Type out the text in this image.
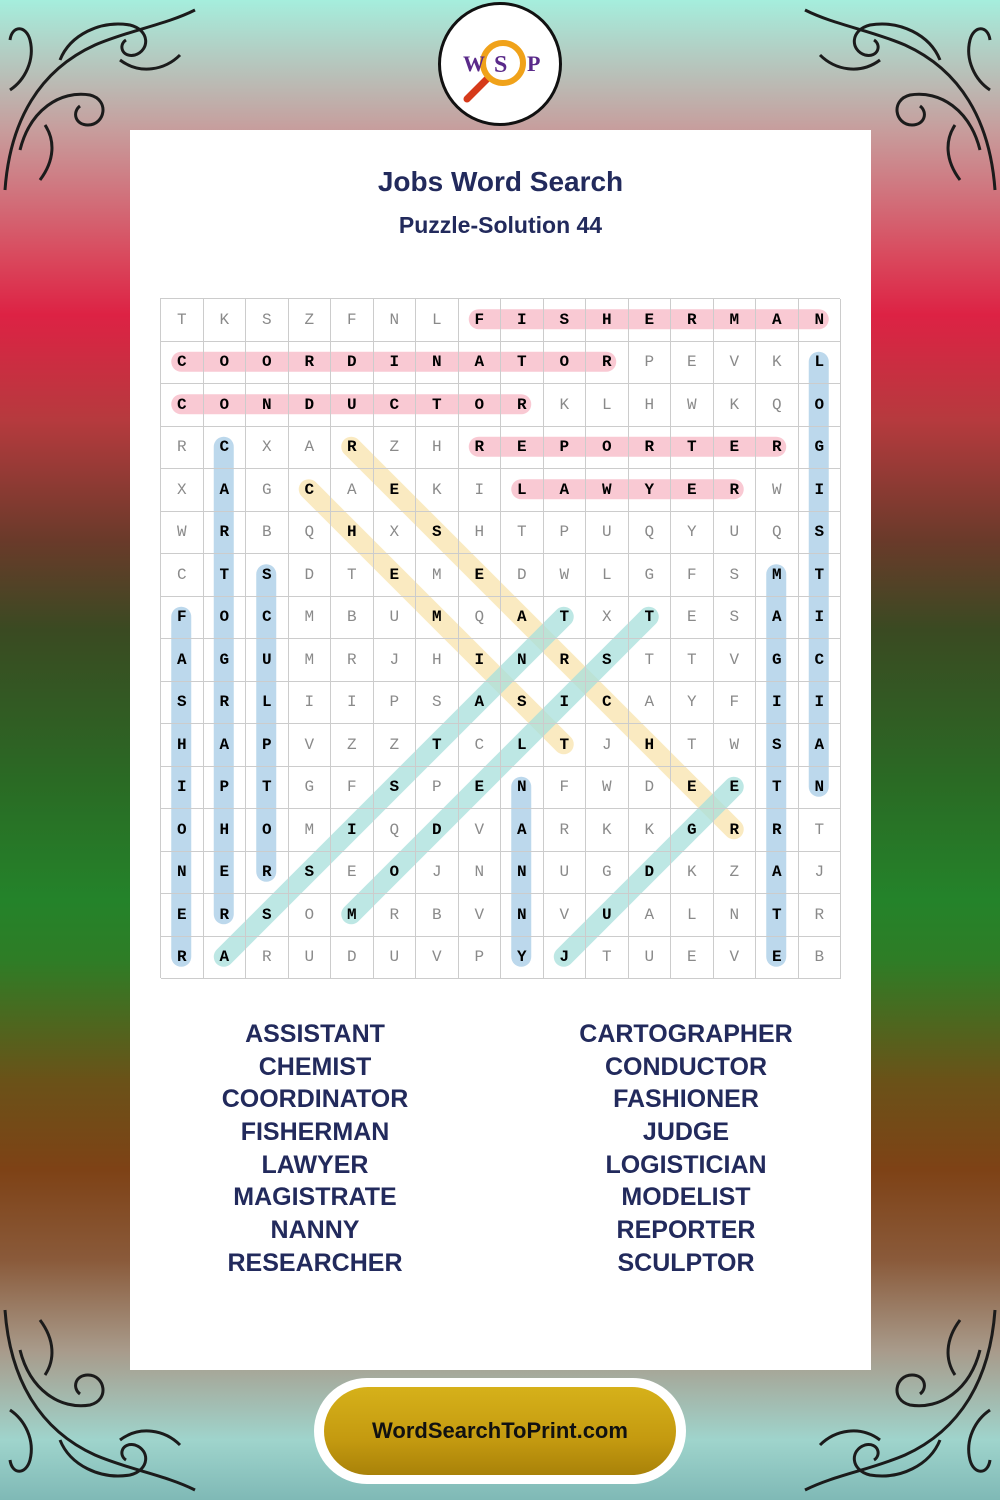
W S P
Jobs Word Search
Puzzle-Solution 44
T	K	S	Z	F	N	L	F	I	S	H	E	R	M	A	N
C	O	O	R	D	I	N	A	T	O	R	P	E	V	K	L
C	O	N	D	U	C	T	O	R	K	L	H	W	K	Q	O
R	C	X	A	R	Z	H	R	E	P	O	R	T	E	R	G
X	A	G	C	A	E	K	I	L	A	W	Y	E	R	W	I
W	R	B	Q	H	X	S	H	T	P	U	Q	Y	U	Q	S
C	T	S	D	T	E	M	E	D	W	L	G	F	S	M	T
F	O	C	M	B	U	M	Q	A	T	X	T	E	S	A	I
A	G	U	M	R	J	H	I	N	R	S	T	T	V	G	C
S	R	L	I	I	P	S	A	S	I	C	A	Y	F	I	I
H	A	P	V	Z	Z	T	C	L	T	J	H	T	W	S	A
I	P	T	G	F	S	P	E	N	F	W	D	E	E	T	N
O	H	O	M	I	Q	D	V	A	R	K	K	G	R	R	T
N	E	R	S	E	O	J	N	N	U	G	D	K	Z	A	J
E	R	S	O	M	R	B	V	N	V	U	A	L	N	T	R
R	A	R	U	D	U	V	P	Y	J	T	U	E	V	E	B
ASSISTANT
CHEMIST
COORDINATOR
FISHERMAN
LAWYER
MAGISTRATE
NANNY
RESEARCHER
CARTOGRAPHER
CONDUCTOR
FASHIONER
JUDGE
LOGISTICIAN
MODELIST
REPORTER
SCULPTOR
WordSearchToPrint.com
